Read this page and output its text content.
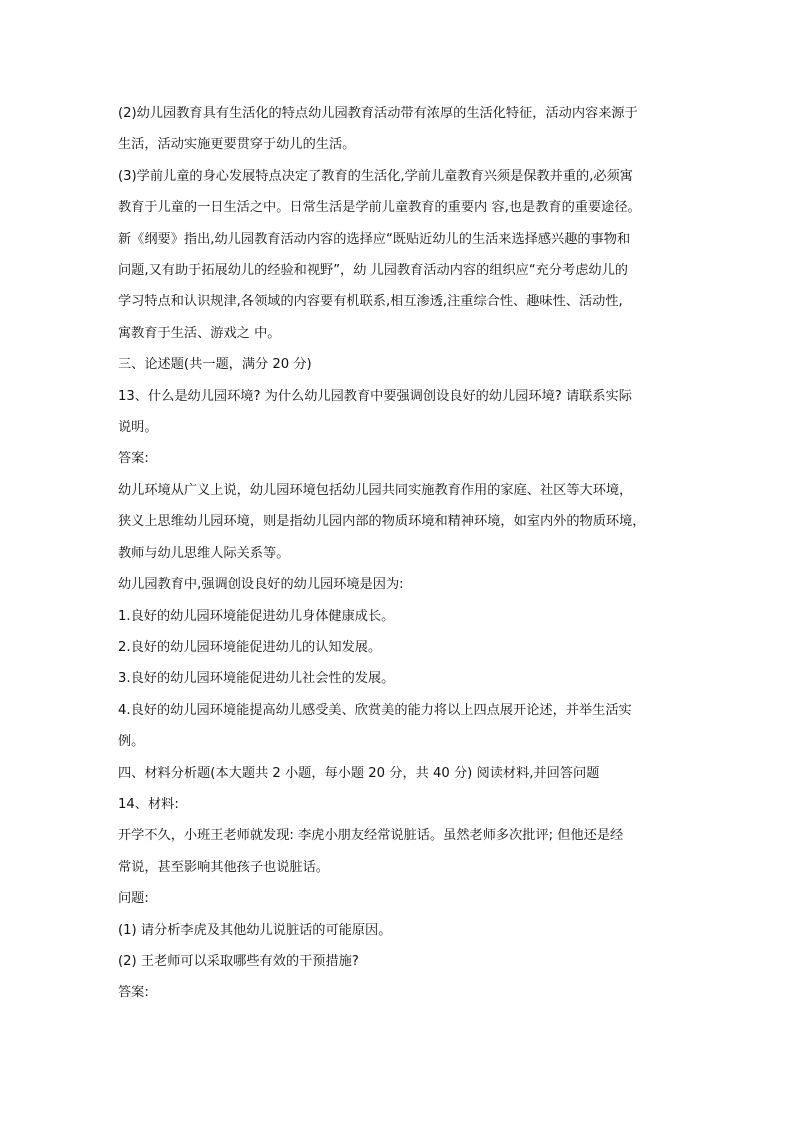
(2)幼儿园教育具有生活化的特点幼儿园教育活动带有浓厚的生活化特征，活动内容来源于
生活，活动实施更要贯穿于幼儿的生活。
(3)学前儿童的身心发展特点决定了教育的生活化,学前儿童教育兴须是保教并重的,必须寓
教育于儿童的一日生活之中。日常生活是学前儿童教育的重要内 容,也是教育的重要途径。
新《纲要》指出,幼儿园教育活动内容的选择应“既贴近幼儿的生活来选择感兴趣的事物和
问题,又有助于拓展幼儿的经验和视野”，幼 儿园教育活动内容的组织应“充分考虑幼儿的
学习特点和认识规津,各领域的内容要有机联系,相互渗透,注重综合性、趣味性、活动性,
寓教育于生活、游戏之 中。
三、论述题(共一题，满分 20 分)
13、什么是幼儿园环境? 为什么幼儿园教育中要强调创设良好的幼儿园环境? 请联系实际
说明。
答案:
幼儿环境从广义上说，幼儿园环境包括幼儿园共同实施教育作用的家庭、社区等大环境，
狭义上思维幼儿园环境，则是指幼儿园内部的物质环境和精神环境，如室内外的物质环境，
教师与幼儿思维人际关系等。
幼儿园教育中,强调创设良好的幼儿园环境是因为:
1.良好的幼儿园环境能促进幼儿身体健康成长。
2.良好的幼儿园环境能促进幼儿的认知发展。
3.良好的幼儿园环境能促进幼儿社会性的发展。
4.良好的幼儿园环境能提高幼儿感受美、欣赏美的能力将以上四点展开论述，并举生活实
例。
四、材料分析题(本大题共 2 小题，每小题 20 分，共 40 分) 阅读材料,并回答问题
14、材料:
开学不久，小班王老师就发现: 李虎小朋友经常说脏话。虽然老师多次批评; 但他还是经
常说，甚至影响其他孩子也说脏话。
问题:
(1) 请分析李虎及其他幼儿说脏话的可能原因。
(2) 王老师可以采取哪些有效的干预措施?
答案:
